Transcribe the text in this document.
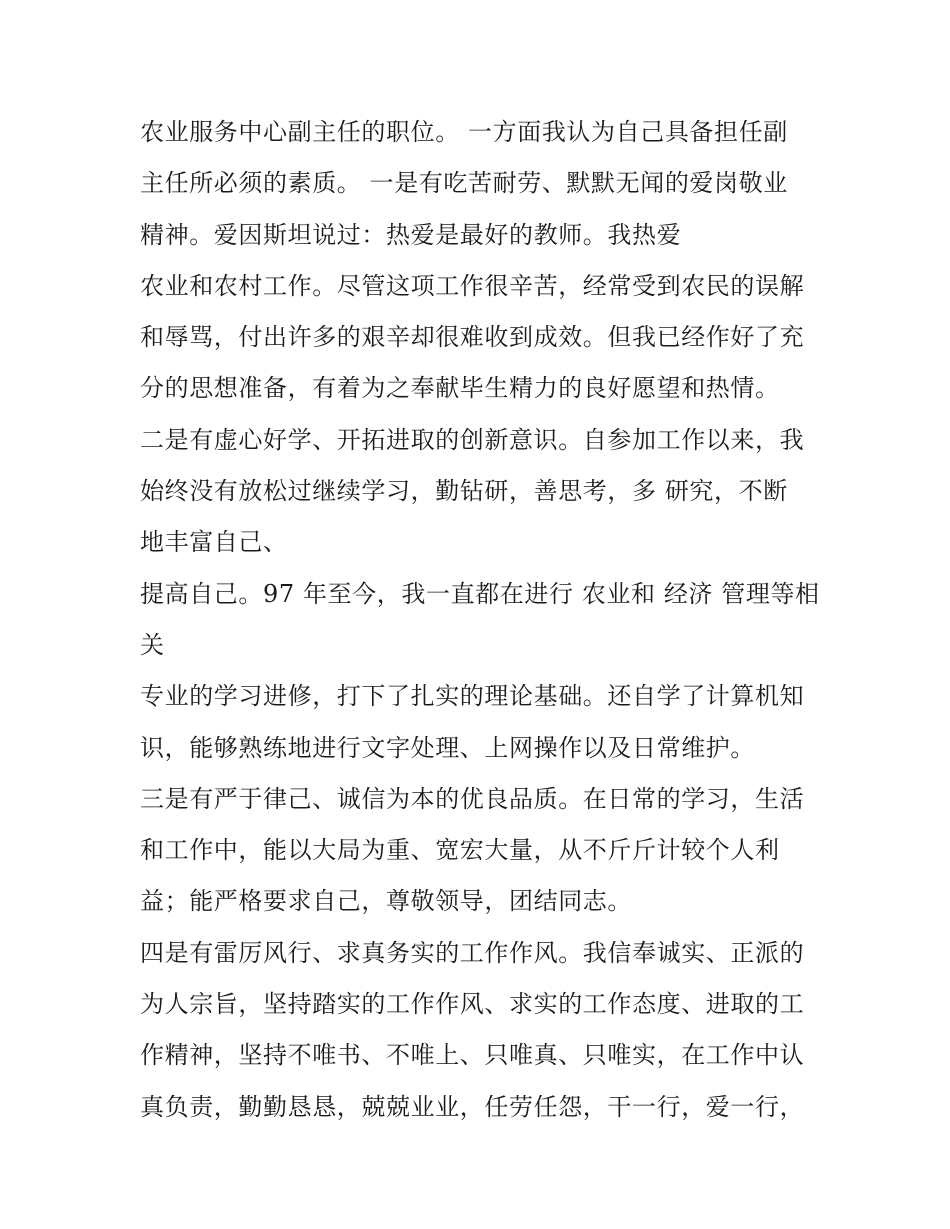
农业服务中心副主任的职位。 一方面我认为自己具备担任副
主任所必须的素质。 一是有吃苦耐劳、默默无闻的爱岗敬业
精神。爱因斯坦说过：热爱是最好的教师。我热爱
农业和农村工作。尽管这项工作很辛苦，经常受到农民的误解
和辱骂，付出许多的艰辛却很难收到成效。但我已经作好了充
分的思想准备，有着为之奉献毕生精力的良好愿望和热情。
二是有虚心好学、开拓进取的创新意识。自参加工作以来，我
始终没有放松过继续学习，勤钻研，善思考，多 研究，不断
地丰富自己、
提高自己。97 年至今，我一直都在进行 农业和 经济 管理等相
关
专业的学习进修，打下了扎实的理论基础。还自学了计算机知
识，能够熟练地进行文字处理、上网操作以及日常维护。
三是有严于律己、诚信为本的优良品质。在日常的学习，生活
和工作中，能以大局为重、宽宏大量，从不斤斤计较个人利
益；能严格要求自己，尊敬领导，团结同志。
四是有雷厉风行、求真务实的工作作风。我信奉诚实、正派的
为人宗旨，坚持踏实的工作作风、求实的工作态度、进取的工
作精神，坚持不唯书、不唯上、只唯真、只唯实，在工作中认
真负责，勤勤恳恳，兢兢业业，任劳任怨，干一行，爱一行，
